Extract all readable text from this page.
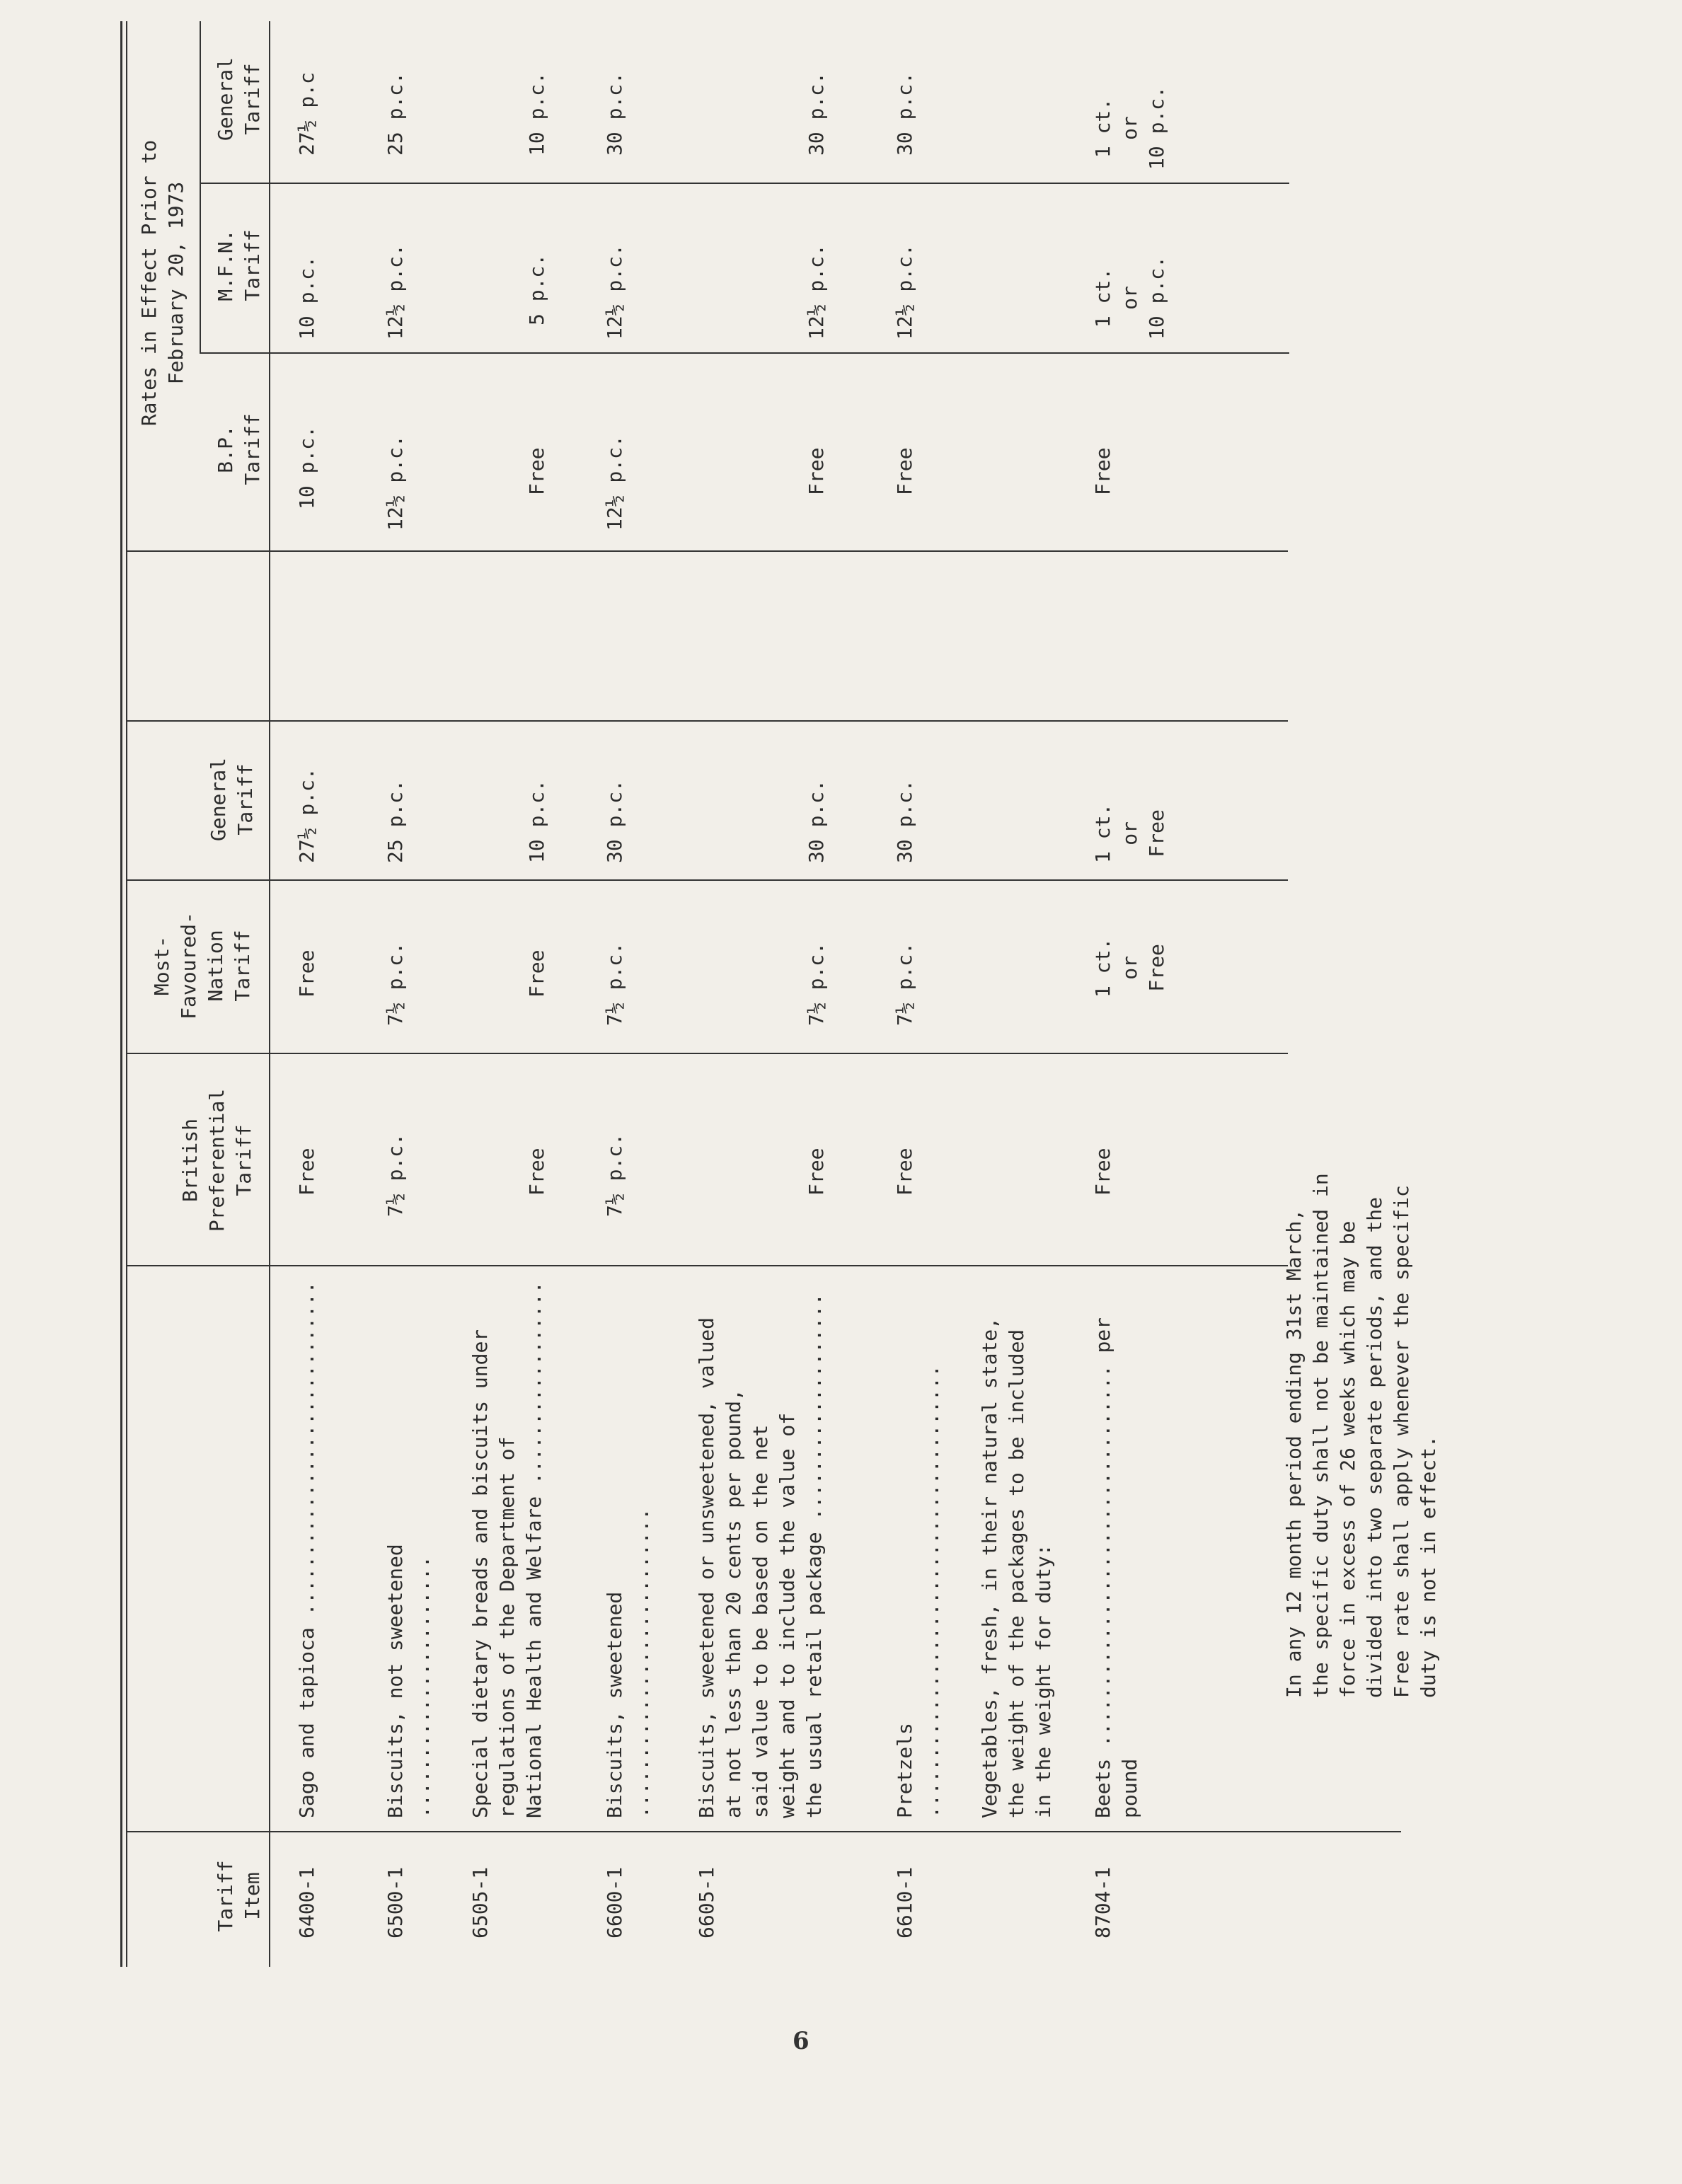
Tariff
Item
British
Preferential
Tariff
Most-
Favoured-
Nation
Tariff
General
Tariff
Rates in Effect Prior to
February 20, 1973
B.P.
Tariff
M.F.N.
Tariff
General
Tariff
6400-1
Sago and tapioca ............................
Free
Free
27½ p.c.
10 p.c.
10 p.c.
27½ p.c
6500-1
Biscuits, not sweetened ......................
7½ p.c.
7½ p.c.
25 p.c.
12½ p.c.
12½ p.c.
25 p.c.
6505-1
Special dietary breads and biscuits under
regulations of the Department of
National Health and Welfare .................
Free
Free
10 p.c.
Free
5 p.c.
10 p.c.
6600-1
Biscuits, sweetened ..........................
7½ p.c.
7½ p.c.
30 p.c.
12½ p.c.
12½ p.c.
30 p.c.
6605-1
Biscuits, sweetened or unsweetened, valued
at not less than 20 cents per pound,
said value to be based on the net
weight and to include the value of
the usual retail package ...................
Free
7½ p.c.
30 p.c.
Free
12½ p.c.
30 p.c.
6610-1
Pretzels ......................................
Free
7½ p.c.
30 p.c.
Free
12½ p.c.
30 p.c.
Vegetables, fresh, in their natural state,
the weight of the packages to be included
in the weight for duty:
8704-1
Beets ................................ per pound
Free
1 ct.
or
Free
1 ct.
or
Free
Free
1 ct.
or
10 p.c.
1 ct.
or
10 p.c.
In any 12 month period ending 31st March,
the specific duty shall not be maintained in
force in excess of 26 weeks which may be
divided into two separate periods, and the
Free rate shall apply whenever the specific
duty is not in effect.
6
